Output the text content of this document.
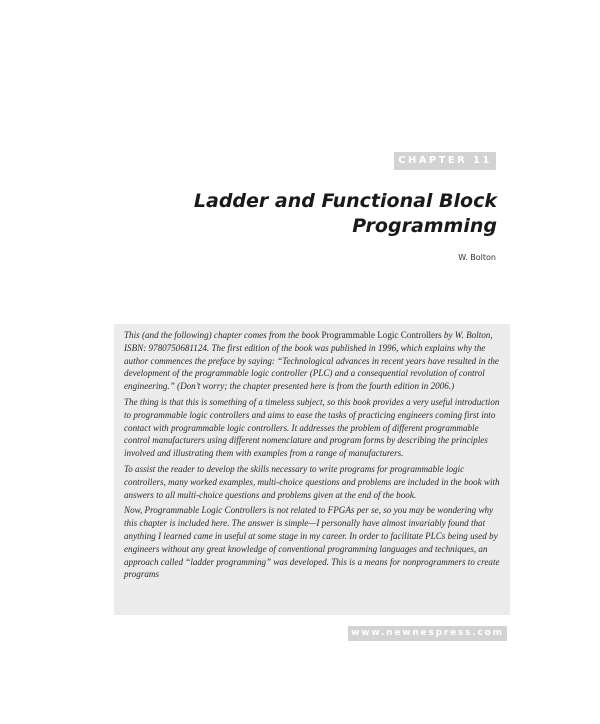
CHAPTER 11
Ladder and Functional Block
Programming
W. Bolton

This (and the following) chapter comes from the book Programmable Logic Controllers by W. Bolton, ISBN: 9780750681124. The first edition of the book was published in 1996, which explains why the author commences the preface by saying: “Technological advances in recent years have resulted in the development of the programmable logic controller (PLC) and a consequential revolution of control engineering.” (Don’t worry; the chapter presented here is from the fourth edition in 2006.)

The thing is that this is something of a timeless subject, so this book provides a very useful introduction to programmable logic controllers and aims to ease the tasks of practicing engineers coming first into contact with programmable logic controllers. It addresses the problem of different programmable control manufacturers using different nomenclature and program forms by describing the principles involved and illustrating them with examples from a range of manufacturers.

To assist the reader to develop the skills necessary to write programs for programmable logic controllers, many worked examples, multi-choice questions and problems are included in the book with answers to all multi-choice questions and problems given at the end of the book.

Now, Programmable Logic Controllers is not related to FPGAs per se, so you may be wondering why this chapter is included here. The answer is simple—I personally have almost invariably found that anything I learned came in useful at some stage in my career. In order to facilitate PLCs being used by engineers without any great knowledge of conventional programming languages and techniques, an approach called “ladder programming” was developed. This is a means for nonprogrammers to create programs

www.newnespress.com
